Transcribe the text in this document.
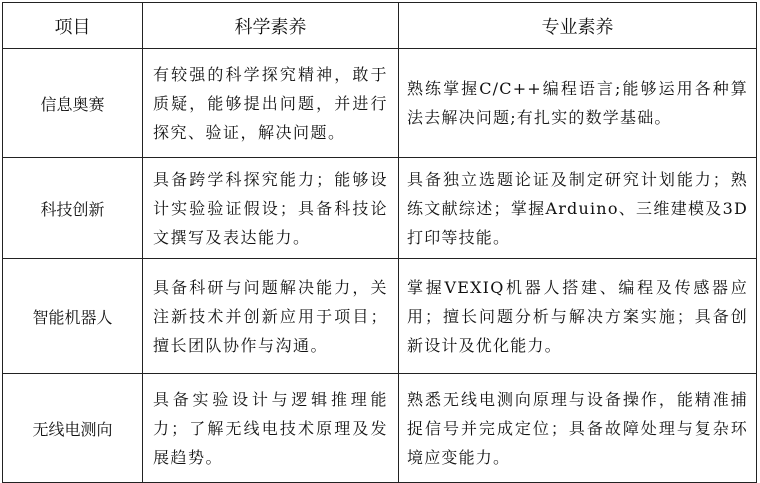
项目	科学素养	专业素养
信息奥赛	有较强的科学探究精神，敢于质疑，能够提出问题，并进行探究、验证，解决问题。	熟练掌握C/C++编程语言;能够运用各种算法去解决问题;有扎实的数学基础。
科技创新	具备跨学科探究能力；能够设计实验验证假设；具备科技论文撰写及表达能力。	具备独立选题论证及制定研究计划能力；熟练文献综述；掌握Arduino、三维建模及3D打印等技能。
智能机器人	具备科研与问题解决能力，关注新技术并创新应用于项目；擅长团队协作与沟通。	掌握VEXIQ机器人搭建、编程及传感器应用；擅长问题分析与解决方案实施；具备创新设计及优化能力。
无线电测向	具备实验设计与逻辑推理能力；了解无线电技术原理及发展趋势。	熟悉无线电测向原理与设备操作，能精准捕捉信号并完成定位；具备故障处理与复杂环境应变能力。
